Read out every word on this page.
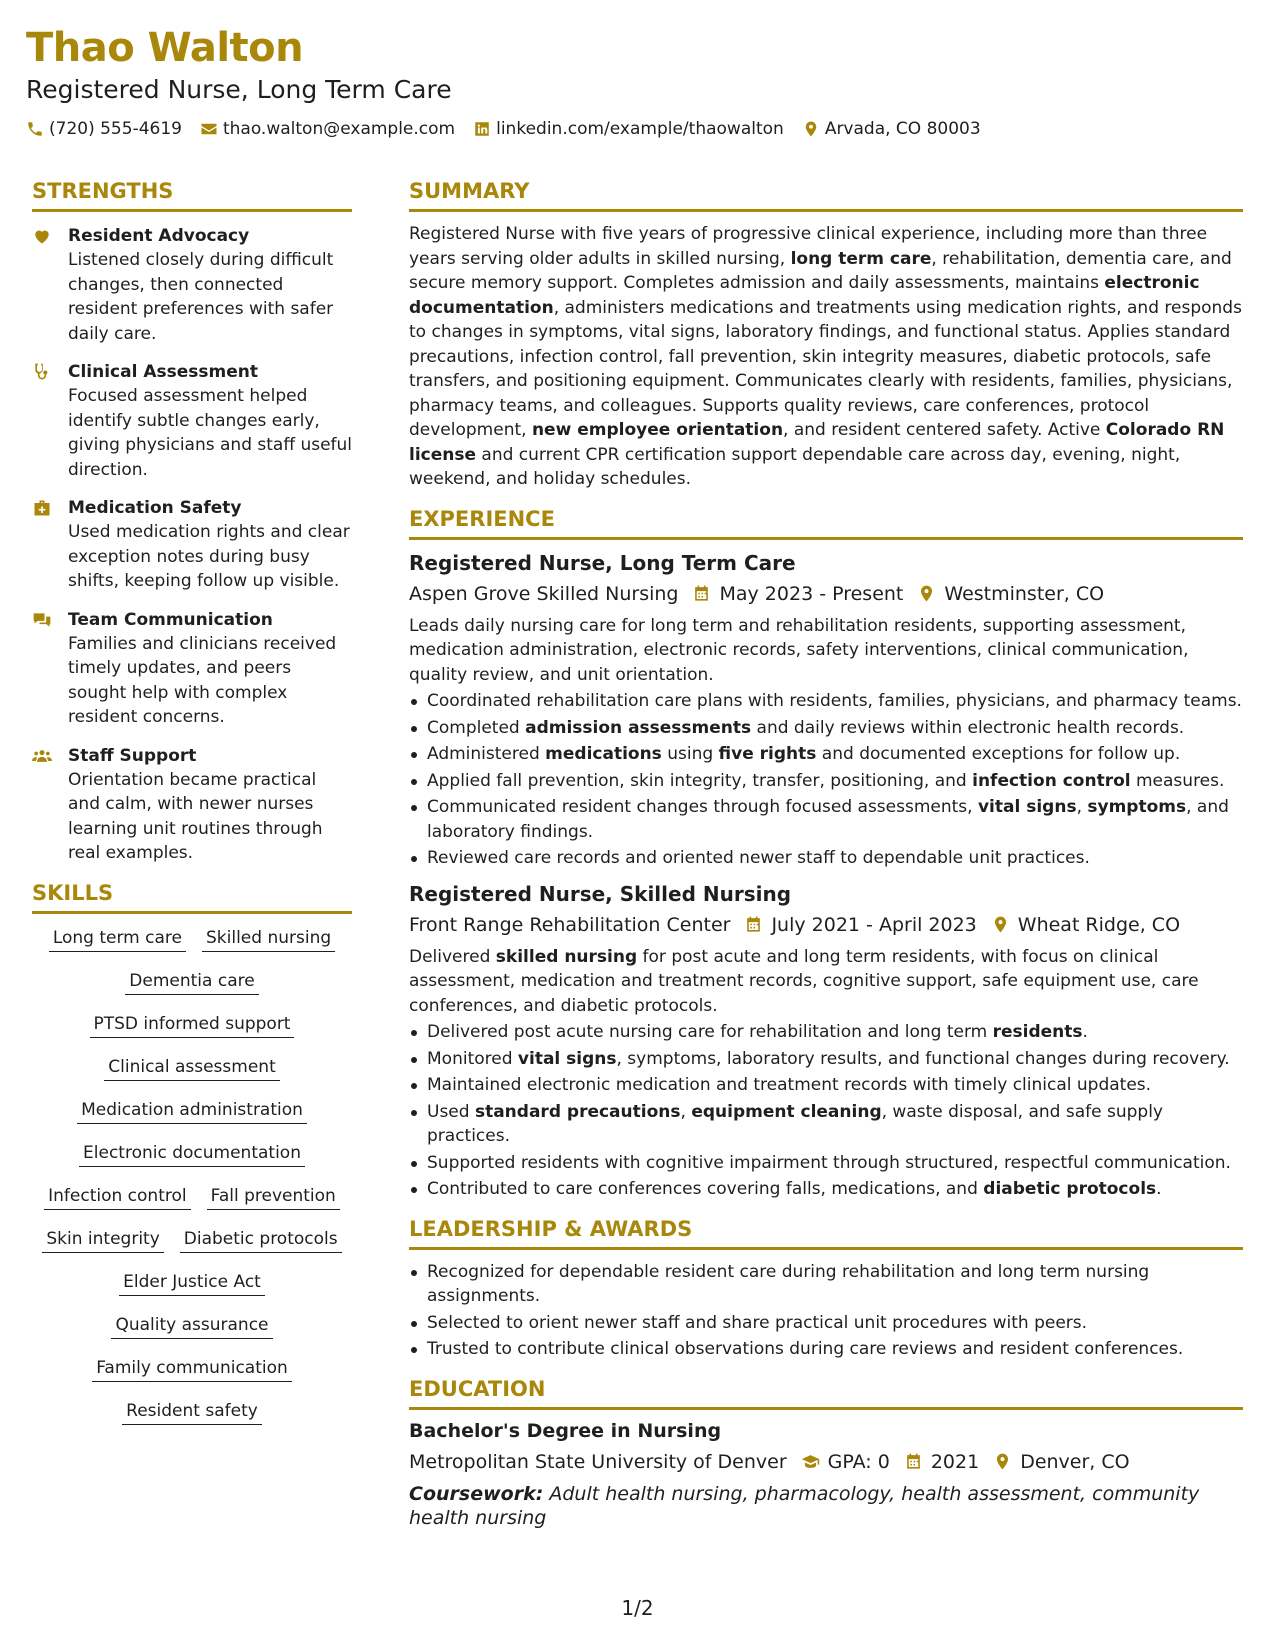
Thao Walton
Registered Nurse, Long Term Care
(720) 555-4619 thao.walton@example.com linkedin.com/example/thaowalton Arvada, CO 80003
STRENGTHS
Resident Advocacy
Listened closely during difficult changes, then connected resident preferences with safer daily care.
Clinical Assessment
Focused assessment helped identify subtle changes early, giving physicians and staff useful direction.
Medication Safety
Used medication rights and clear exception notes during busy shifts, keeping follow up visible.
Team Communication
Families and clinicians received timely updates, and peers sought help with complex resident concerns.
Staff Support
Orientation became practical and calm, with newer nurses learning unit routines through real examples.
SKILLS
Long term care Skilled nursing
Dementia care
PTSD informed support
Clinical assessment
Medication administration
Electronic documentation
Infection control Fall prevention
Skin integrity Diabetic protocols
Elder Justice Act
Quality assurance
Family communication
Resident safety
SUMMARY

Registered Nurse with five years of progressive clinical experience, including more than three years serving older adults in skilled nursing, long term care, rehabilitation, dementia care, and secure memory support. Completes admission and daily assessments, maintains electronic documentation, administers medications and treatments using medication rights, and responds to changes in symptoms, vital signs, laboratory findings, and functional status. Applies standard precautions, infection control, fall prevention, skin integrity measures, diabetic protocols, safe transfers, and positioning equipment. Communicates clearly with residents, families, physicians, pharmacy teams, and colleagues. Supports quality reviews, care conferences, protocol development, new employee orientation, and resident centered safety. Active Colorado RN license and current CPR certification support dependable care across day, evening, night, weekend, and holiday schedules.

EXPERIENCE
Registered Nurse, Long Term Care
Aspen Grove Skilled Nursing May 2023 - Present Westminster, CO

Leads daily nursing care for long term and rehabilitation residents, supporting assessment, medication administration, electronic records, safety interventions, clinical communication, quality review, and unit orientation.

Coordinated rehabilitation care plans with residents, families, physicians, and pharmacy teams.
Completed admission assessments and daily reviews within electronic health records.
Administered medications using five rights and documented exceptions for follow up.
Applied fall prevention, skin integrity, transfer, positioning, and infection control measures.
Communicated resident changes through focused assessments, vital signs, symptoms, and laboratory findings.
Reviewed care records and oriented newer staff to dependable unit practices.
Registered Nurse, Skilled Nursing
Front Range Rehabilitation Center July 2021 - April 2023 Wheat Ridge, CO

Delivered skilled nursing for post acute and long term residents, with focus on clinical assessment, medication and treatment records, cognitive support, safe equipment use, care conferences, and diabetic protocols.

Delivered post acute nursing care for rehabilitation and long term residents.
Monitored vital signs, symptoms, laboratory results, and functional changes during recovery.
Maintained electronic medication and treatment records with timely clinical updates.
Used standard precautions, equipment cleaning, waste disposal, and safe supply practices.
Supported residents with cognitive impairment through structured, respectful communication.
Contributed to care conferences covering falls, medications, and diabetic protocols.
LEADERSHIP & AWARDS
Recognized for dependable resident care during rehabilitation and long term nursing assignments.
Selected to orient newer staff and share practical unit procedures with peers.
Trusted to contribute clinical observations during care reviews and resident conferences.
EDUCATION
Bachelor's Degree in Nursing
Metropolitan State University of Denver GPA: 0 2021 Denver, CO

Coursework: Adult health nursing, pharmacology, health assessment, community health nursing

1/2
